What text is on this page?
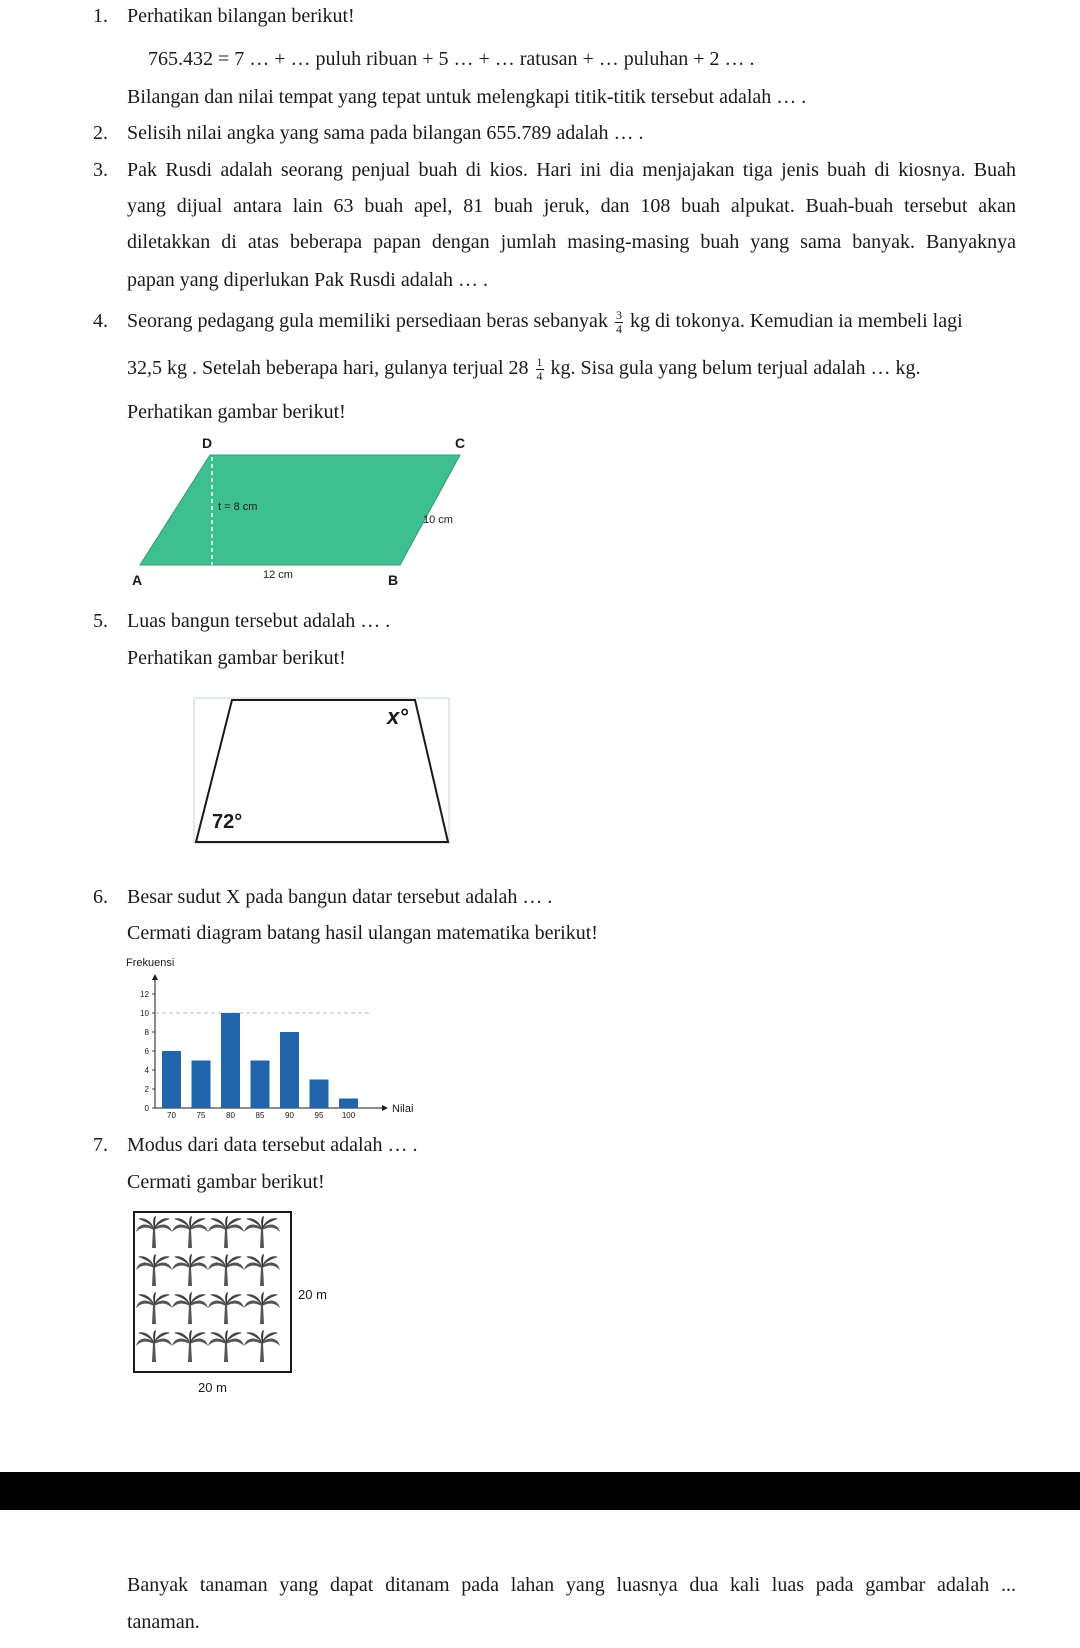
1. Perhatikan bilangan berikut!
765.432 = 7 … + … puluh ribuan + 5 … + … ratusan + … puluhan + 2 … .
Bilangan dan nilai tempat yang tepat untuk melengkapi titik-titik tersebut adalah … .
2. Selisih nilai angka yang sama pada bilangan 655.789 adalah … .
3. Pak Rusdi adalah seorang penjual buah di kios. Hari ini dia menjajakan tiga jenis buah di kiosnya. Buah
yang dijual antara lain 63 buah apel, 81 buah jeruk, dan 108 buah alpukat. Buah-buah tersebut akan
diletakkan di atas beberapa papan dengan jumlah masing-masing buah yang sama banyak. Banyaknya
papan yang diperlukan Pak Rusdi adalah … .
4. Seorang pedagang gula memiliki persediaan beras sebanyak $\frac{3}{4}$ kg di tokonya. Kemudian ia membeli lagi
32,5 kg . Setelah beberapa hari, gulanya terjual $28 \frac{1}{4}$ kg. Sisa gula yang belum terjual adalah … kg.
Perhatikan gambar berikut!
D	C
A	B
t = 8 cm
10 cm
12 cm
5. Luas bangun tersebut adalah … .
Perhatikan gambar berikut!
x°
72°
6. Besar sudut X pada bangun datar tersebut adalah … .
Cermati diagram batang hasil ulangan matematika berikut!
Frekuensi
Nilai
0
2
4
6
8
10
12
70	75	80	85	90	95 100
7. Modus dari data tersebut adalah … .
Cermati gambar berikut!
20 m
20 m
Banyak tanaman yang dapat ditanam pada lahan yang luasnya dua kali luas pada gambar adalah ...
tanaman.
